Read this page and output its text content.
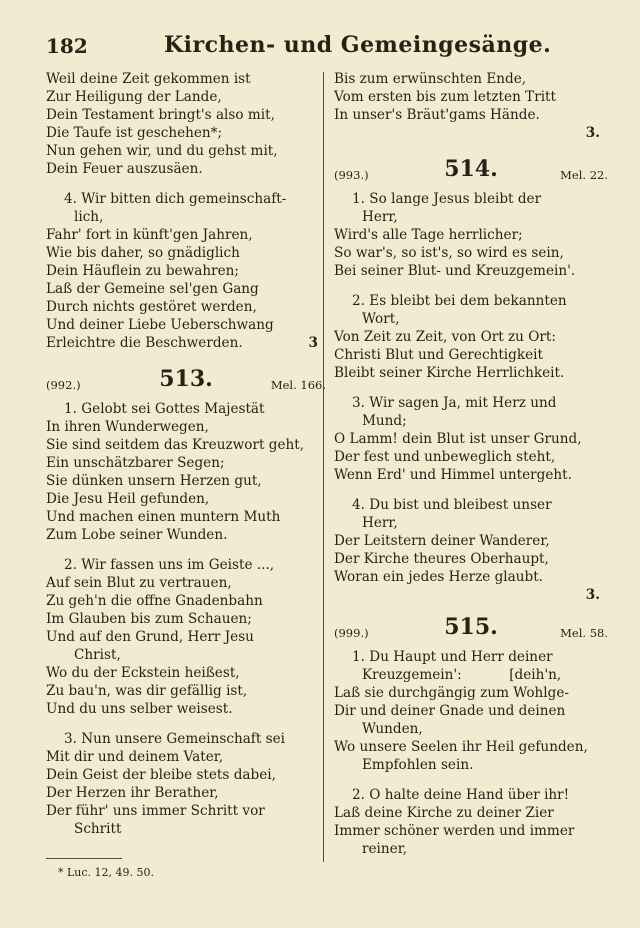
182	Kirchen- und Gemeingesänge.
Weil deine Zeit gekommen ist
Zur Heiligung der Lande,
Dein Testament bringt's also mit,
Die Taufe ist geschehen*;
Nun gehen wir, und du gehst mit,
Dein Feuer auszusäen.
4. Wir bitten dich gemeinschaft-
lich,
Fahr' fort in künft'gen Jahren,
Wie bis daher, so gnädiglich
Dein Häuflein zu bewahren;
Laß der Gemeine sel'gen Gang
Durch nichts gestöret werden,
Und deiner Liebe Ueberschwang
Erleichtre die Beschwerden.	3
(992.)	513.	Mel. 166.
1. Gelobt sei Gottes Majestät
In ihren Wunderwegen,
Sie sind seitdem das Kreuzwort geht,
Ein unschätzbarer Segen;
Sie dünken unsern Herzen gut,
Die Jesu Heil gefunden,
Und machen einen muntern Muth
Zum Lobe seiner Wunden.
2. Wir fassen uns im Geiste ...,
Auf sein Blut zu vertrauen,
Zu geh'n die offne Gnadenbahn
Im Glauben bis zum Schauen;
Und auf den Grund, Herr Jesu
Christ,
Wo du der Eckstein heißest,
Zu bau'n, was dir gefällig ist,
Und du uns selber weisest.
3. Nun unsere Gemeinschaft sei
Mit dir und deinem Vater,
Dein Geist der bleibe stets dabei,
Der Herzen ihr Berather,
Der führ' uns immer Schritt vor
Schritt
* Luc. 12, 49. 50.
Bis zum erwünschten Ende,
Vom ersten bis zum letzten Tritt
In unser's Bräut'gams Hände.
3.
(993.)	514.	Mel. 22.
1. So lange Jesus bleibt der
Herr,
Wird's alle Tage herrlicher;
So war's, so ist's, so wird es sein,
Bei seiner Blut- und Kreuzgemein'.
2. Es bleibt bei dem bekannten
Wort,
Von Zeit zu Zeit, von Ort zu Ort:
Christi Blut und Gerechtigkeit
Bleibt seiner Kirche Herrlichkeit.
3. Wir sagen Ja, mit Herz und
Mund;
O Lamm! dein Blut ist unser Grund,
Der fest und unbeweglich steht,
Wenn Erd' und Himmel untergeht.
4. Du bist und bleibest unser
Herr,
Der Leitstern deiner Wanderer,
Der Kirche theures Oberhaupt,
Woran ein jedes Herze glaubt.
3.
(999.)	515.	Mel. 58.
1. Du Haupt und Herr deiner
Kreuzgemein':           [deih'n,
Laß sie durchgängig zum Wohlge-
Dir und deiner Gnade und deinen
Wunden,
Wo unsere Seelen ihr Heil gefunden,
Empfohlen sein.
2. O halte deine Hand über ihr!
Laß deine Kirche zu deiner Zier
Immer schöner werden und immer
reiner,
